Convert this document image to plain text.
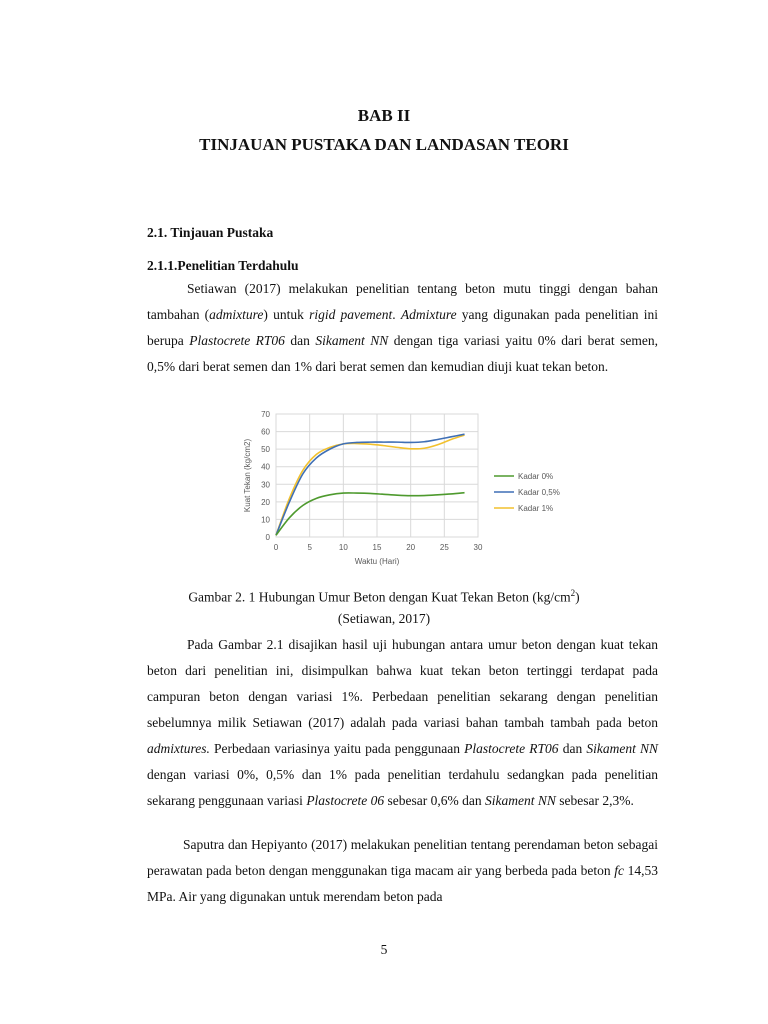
BAB II
TINJAUAN PUSTAKA DAN LANDASAN TEORI
2.1. Tinjauan Pustaka
2.1.1.Penelitian Terdahulu

Setiawan (2017) melakukan penelitian tentang beton mutu tinggi dengan bahan tambahan (admixture) untuk rigid pavement. Admixture yang digunakan pada penelitian ini berupa Plastocrete RT06 dan Sikament NN dengan tiga variasi yaitu 0% dari berat semen, 0,5% dari berat semen dan 1% dari berat semen dan kemudian diuji kuat tekan beton.

0
10
20
30
40
50
60
70
0	5	10	15	20	25	30
Waktu (Hari)
Kuat Tekan (kg/cm2)	Kadar 0%
Kadar 0,5%
Kadar 1%
Gambar 2. 1 Hubungan Umur Beton dengan Kuat Tekan Beton $(kg/cm^2)$
(Setiawan, 2017)

Pada Gambar 2.1 disajikan hasil uji hubungan antara umur beton dengan kuat tekan beton dari penelitian ini, disimpulkan bahwa kuat tekan beton tertinggi terdapat pada campuran beton dengan variasi 1%. Perbedaan penelitian sekarang dengan penelitian sebelumnya milik Setiawan (2017) adalah pada variasi bahan tambah tambah pada beton admixtures. Perbedaan variasinya yaitu pada penggunaan Plastocrete RT06 dan Sikament NN dengan variasi 0%, 0,5% dan 1% pada penelitian terdahulu sedangkan pada penelitian sekarang penggunaan variasi Plastocrete 06 sebesar 0,6% dan Sikament NN sebesar 2,3%.

Saputra dan Hepiyanto (2017) melakukan penelitian tentang perendaman beton sebagai perawatan pada beton dengan menggunakan tiga macam air yang berbeda pada beton fc 14,53 MPa. Air yang digunakan untuk merendam beton pada

5
